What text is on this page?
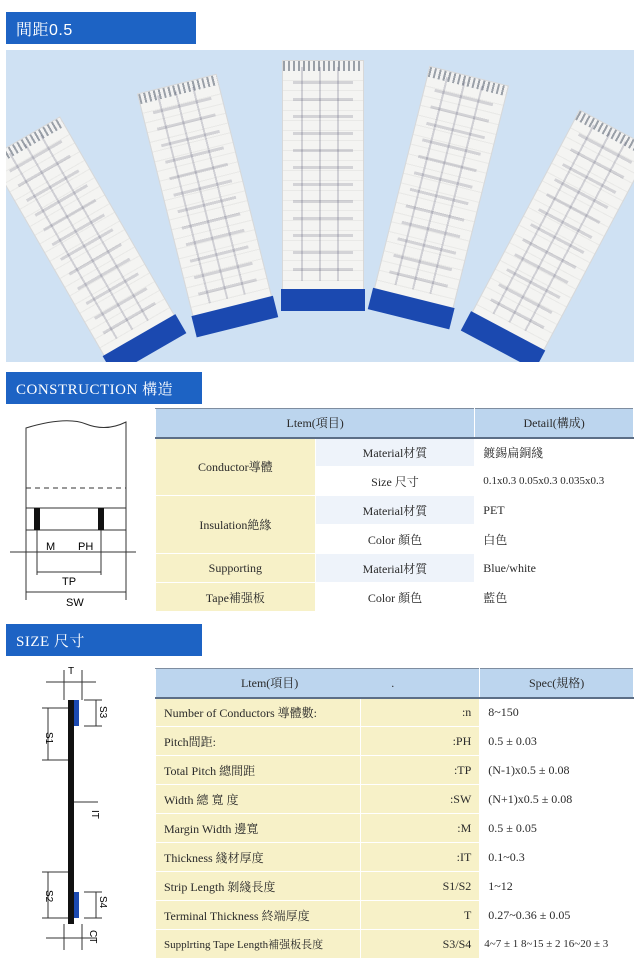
間距0.5
CONSTRUCTION 構造
M PH
TP
SW
Ltem(項目)		Detail(構成)
Conductor導體	Material材質	鍍錫扁銅綫
	Size 尺寸	0.1x0.3 0.05x0.3 0.035x0.3
Insulation絶緣	Material材質	PET
	Color 顏色	白色
Supporting	Material材質	Blue/white
Tape補强板	Color 顏色	藍色
SIZE 尺寸
T
S3
S1
IT
S2	S4
CT
Ltem(項目) .		Spec(規格)
Number of Conductors 導體數:	:n	8~150
Pitch間距:	:PH	0.5 ± 0.03
Total Pitch 總間距	:TP	(N-1)x0.5 ± 0.08
Width 總 寬 度	:SW	(N+1)x0.5 ± 0.08
Margin Width 邊寬	:M	0.5 ± 0.05
Thickness 綫材厚度	:IT	0.1~0.3
Strip Length 剝綫長度	S1/S2	1~12
Terminal Thickness 終端厚度	T	0.27~0.36 ± 0.05
Supplrting Tape Length補强板長度	S3/S4	4~7 ± 1 8~15 ± 2 16~20 ± 3
